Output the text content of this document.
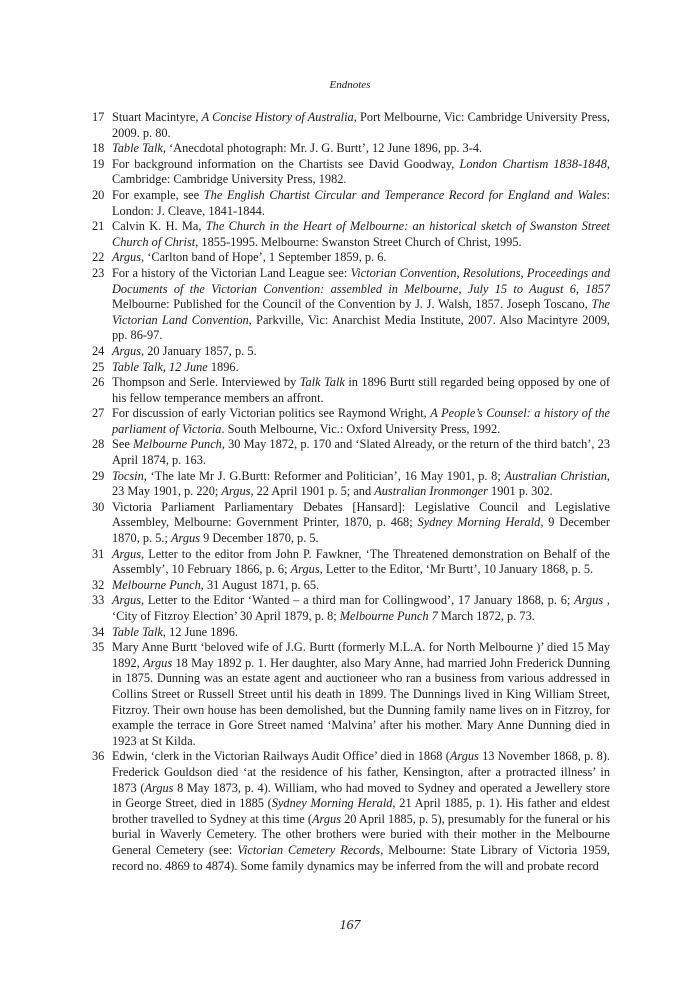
Endnotes
17 Stuart Macintyre, A Concise History of Australia, Port Melbourne, Vic: Cambridge University Press, 2009. p. 80.
18 Table Talk, ‘Anecdotal photograph: Mr. J. G. Burtt’, 12 June 1896, pp. 3-4.
19 For background information on the Chartists see David Goodway, London Chartism 1838-1848, Cambridge: Cambridge University Press, 1982.
20 For example, see The English Chartist Circular and Temperance Record for England and Wales: London: J. Cleave, 1841-1844.
21 Calvin K. H. Ma, The Church in the Heart of Melbourne: an historical sketch of Swanston Street Church of Christ, 1855-1995. Melbourne: Swanston Street Church of Christ, 1995.
22 Argus, ‘Carlton band of Hope’, 1 September 1859, p. 6.
23 For a history of the Victorian Land League see: Victorian Convention, Resolutions, Proceedings and Documents of the Victorian Convention: assembled in Melbourne, July 15 to August 6, 1857 Melbourne: Published for the Council of the Convention by J. J. Walsh, 1857. Joseph Toscano, The Victorian Land Convention, Parkville, Vic: Anarchist Media Institute, 2007. Also Macintyre 2009, pp. 86-97.
24 Argus, 20 January 1857, p. 5.
25 Table Talk, 12 June 1896.
26 Thompson and Serle. Interviewed by Talk Talk in 1896 Burtt still regarded being opposed by one of his fellow temperance members an affront.
27 For discussion of early Victorian politics see Raymond Wright, A People’s Counsel: a history of the parliament of Victoria. South Melbourne, Vic.: Oxford University Press, 1992.
28 See Melbourne Punch, 30 May 1872, p. 170 and ‘Slated Already, or the return of the third batch’, 23 April 1874, p. 163.
29 Tocsin, ‘The late Mr J. G.Burtt: Reformer and Politician’, 16 May 1901, p. 8; Australian Christian, 23 May 1901, p. 220; Argus, 22 April 1901 p. 5; and Australian Ironmonger 1901 p. 302.
30 Victoria Parliament Parliamentary Debates [Hansard]: Legislative Council and Legislative Assembley, Melbourne: Government Printer, 1870, p. 468; Sydney Morning Herald, 9 December 1870, p. 5.; Argus 9 December 1870, p. 5.
31 Argus, Letter to the editor from John P. Fawkner, ‘The Threatened demonstration on Behalf of the Assembly’, 10 February 1866, p. 6; Argus, Letter to the Editor, ‘Mr Burtt’, 10 January 1868, p. 5.
32 Melbourne Punch, 31 August 1871, p. 65.
33 Argus, Letter to the Editor ‘Wanted – a third man for Collingwood’, 17 January 1868, p. 6; Argus , ‘City of Fitzroy Election’ 30 April 1879, p. 8; Melbourne Punch 7 March 1872, p. 73.
34 Table Talk, 12 June 1896.
35 Mary Anne Burtt ‘beloved wife of J.G. Burtt (formerly M.L.A. for North Melbourne )’ died 15 May 1892, Argus 18 May 1892 p. 1. Her daughter, also Mary Anne, had married John Frederick Dunning in 1875. Dunning was an estate agent and auctioneer who ran a business from various addressed in Collins Street or Russell Street until his death in 1899. The Dunnings lived in King William Street, Fitzroy. Their own house has been demolished, but the Dunning family name lives on in Fitzroy, for example the terrace in Gore Street named ‘Malvina’ after his mother. Mary Anne Dunning died in 1923 at St Kilda.
36 Edwin, ‘clerk in the Victorian Railways Audit Office’ died in 1868 (Argus 13 November 1868, p. 8). Frederick Gouldson died ‘at the residence of his father, Kensington, after a protracted illness’ in 1873 (Argus 8 May 1873, p. 4). William, who had moved to Sydney and operated a Jewellery store in George Street, died in 1885 (Sydney Morning Herald, 21 April 1885, p. 1). His father and eldest brother travelled to Sydney at this time (Argus 20 April 1885, p. 5), presumably for the funeral or his burial in Waverly Cemetery. The other brothers were buried with their mother in the Melbourne General Cemetery (see: Victorian Cemetery Records, Melbourne: State Library of Victoria 1959, record no. 4869 to 4874). Some family dynamics may be inferred from the will and probate record
167
